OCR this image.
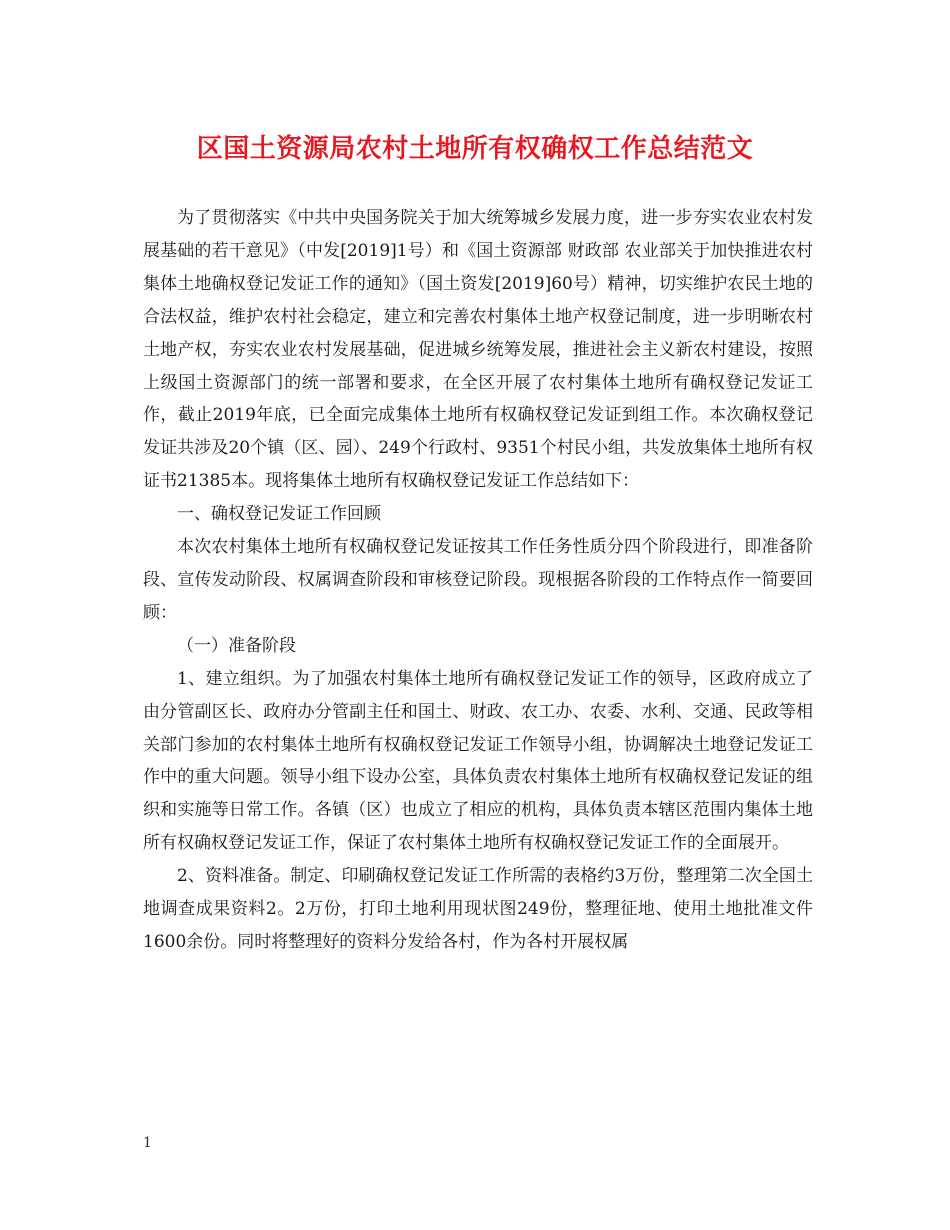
区国土资源局农村土地所有权确权工作总结范文

为了贯彻落实《中共中央国务院关于加大统筹城乡发展力度，进一步夯实农业农村发展基础的若干意见》（中发[2019]1号）和《国土资源部 财政部 农业部关于加快推进农村集体土地确权登记发证工作的通知》（国土资发[2019]60号）精神，切实维护农民土地的合法权益，维护农村社会稳定，建立和完善农村集体土地产权登记制度，进一步明晰农村土地产权，夯实农业农村发展基础，促进城乡统筹发展，推进社会主义新农村建设，按照上级国土资源部门的统一部署和要求，在全区开展了农村集体土地所有确权登记发证工作，截止2019年底，已全面完成集体土地所有权确权登记发证到组工作。本次确权登记发证共涉及20个镇（区、园）、249个行政村、9351个村民小组，共发放集体土地所有权证书21385本。现将集体土地所有权确权登记发证工作总结如下：

一、确权登记发证工作回顾

本次农村集体土地所有权确权登记发证按其工作任务性质分四个阶段进行，即准备阶段、宣传发动阶段、权属调查阶段和审核登记阶段。现根据各阶段的工作特点作一简要回顾：

（一）准备阶段

1、建立组织。为了加强农村集体土地所有确权登记发证工作的领导，区政府成立了由分管副区长、政府办分管副主任和国土、财政、农工办、农委、水利、交通、民政等相关部门参加的农村集体土地所有权确权登记发证工作领导小组，协调解决土地登记发证工作中的重大问题。领导小组下设办公室，具体负责农村集体土地所有权确权登记发证的组织和实施等日常工作。各镇（区）也成立了相应的机构，具体负责本辖区范围内集体土地所有权确权登记发证工作，保证了农村集体土地所有权确权登记发证工作的全面展开。

2、资料准备。制定、印刷确权登记发证工作所需的表格约3万份，整理第二次全国土地调查成果资料2。2万份，打印土地利用现状图249份，整理征地、使用土地批准文件1600余份。同时将整理好的资料分发给各村，作为各村开展权属

1
